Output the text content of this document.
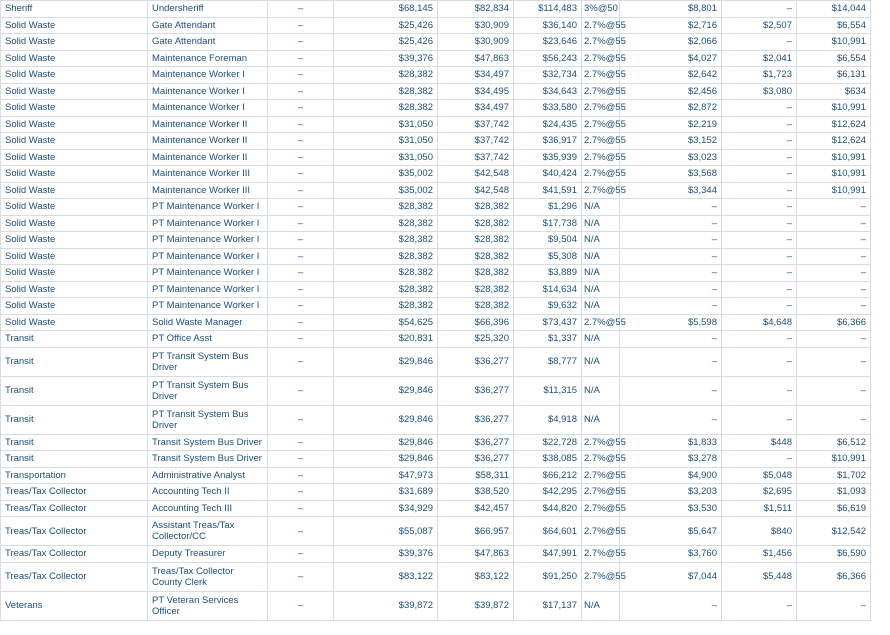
Sheriff	Undersheriff	–	$68,145	$82,834	$114,483	3%@50	$8,801	–	$14,044
Solid Waste	Gate Attendant	–	$25,426	$30,909	$36,140	2.7%@55	$2,716	$2,507	$6,554
Solid Waste	Gate Attendant	–	$25,426	$30,909	$23,646	2.7%@55	$2,066	–	$10,991
Solid Waste	Maintenance Foreman	–	$39,376	$47,863	$56,243	2.7%@55	$4,027	$2,041	$6,554
Solid Waste	Maintenance Worker I	–	$28,382	$34,497	$32,734	2.7%@55	$2,642	$1,723	$6,131
Solid Waste	Maintenance Worker I	–	$28,382	$34,495	$34,643	2.7%@55	$2,456	$3,080	$634
Solid Waste	Maintenance Worker I	–	$28,382	$34,497	$33,580	2.7%@55	$2,872	–	$10,991
Solid Waste	Maintenance Worker II	–	$31,050	$37,742	$24,435	2.7%@55	$2,219	–	$12,624
Solid Waste	Maintenance Worker II	–	$31,050	$37,742	$36,917	2.7%@55	$3,152	–	$12,624
Solid Waste	Maintenance Worker II	–	$31,050	$37,742	$35,939	2.7%@55	$3,023	–	$10,991
Solid Waste	Maintenance Worker III	–	$35,002	$42,548	$40,424	2.7%@55	$3,568	–	$10,991
Solid Waste	Maintenance Worker III	–	$35,002	$42,548	$41,591	2.7%@55	$3,344	–	$10,991
Solid Waste	PT Maintenance Worker I	–	$28,382	$28,382	$1,296	N/A	–	–	–
Solid Waste	PT Maintenance Worker I	–	$28,382	$28,382	$17,738	N/A	–	–	–
Solid Waste	PT Maintenance Worker I	–	$28,382	$28,382	$9,504	N/A	–	–	–
Solid Waste	PT Maintenance Worker I	–	$28,382	$28,382	$5,308	N/A	–	–	–
Solid Waste	PT Maintenance Worker I	–	$28,382	$28,382	$3,889	N/A	–	–	–
Solid Waste	PT Maintenance Worker I	–	$28,382	$28,382	$14,634	N/A	–	–	–
Solid Waste	PT Maintenance Worker I	–	$28,382	$28,382	$9,632	N/A	–	–	–
Solid Waste	Solid Waste Manager	–	$54,625	$66,396	$73,437	2.7%@55	$5,598	$4,648	$6,366
Transit	PT Office Asst	–	$20,831	$25,320	$1,337	N/A	–	–	–
Transit	PT Transit System Bus Driver	–	$29,846	$36,277	$8,777	N/A	–	–	–
Transit	PT Transit System Bus Driver	–	$29,846	$36,277	$11,315	N/A	–	–	–
Transit	PT Transit System Bus Driver	–	$29,846	$36,277	$4,918	N/A	–	–	–
Transit	Transit System Bus Driver	–	$29,846	$36,277	$22,728	2.7%@55	$1,833	$448	$6,512
Transit	Transit System Bus Driver	–	$29,846	$36,277	$38,085	2.7%@55	$3,278	–	$10,991
Transportation	Administrative Analyst	–	$47,973	$58,311	$66,212	2.7%@55	$4,900	$5,048	$1,702
Treas/Tax Collector	Accounting Tech II	–	$31,689	$38,520	$42,295	2.7%@55	$3,203	$2,695	$1,093
Treas/Tax Collector	Accounting Tech III	–	$34,929	$42,457	$44,820	2.7%@55	$3,530	$1,511	$6,619
Treas/Tax Collector	Assistant Treas/Tax Collector/CC	–	$55,087	$66,957	$64,601	2.7%@55	$5,647	$840	$12,542
Treas/Tax Collector	Deputy Treasurer	–	$39,376	$47,863	$47,991	2.7%@55	$3,760	$1,456	$6,590
Treas/Tax Collector	Treas/Tax Collector County Clerk	–	$83,122	$83,122	$91,250	2.7%@55	$7,044	$5,448	$6,366
Veterans	PT Veteran Services Officer	–	$39,872	$39,872	$17,137	N/A	–	–	–
